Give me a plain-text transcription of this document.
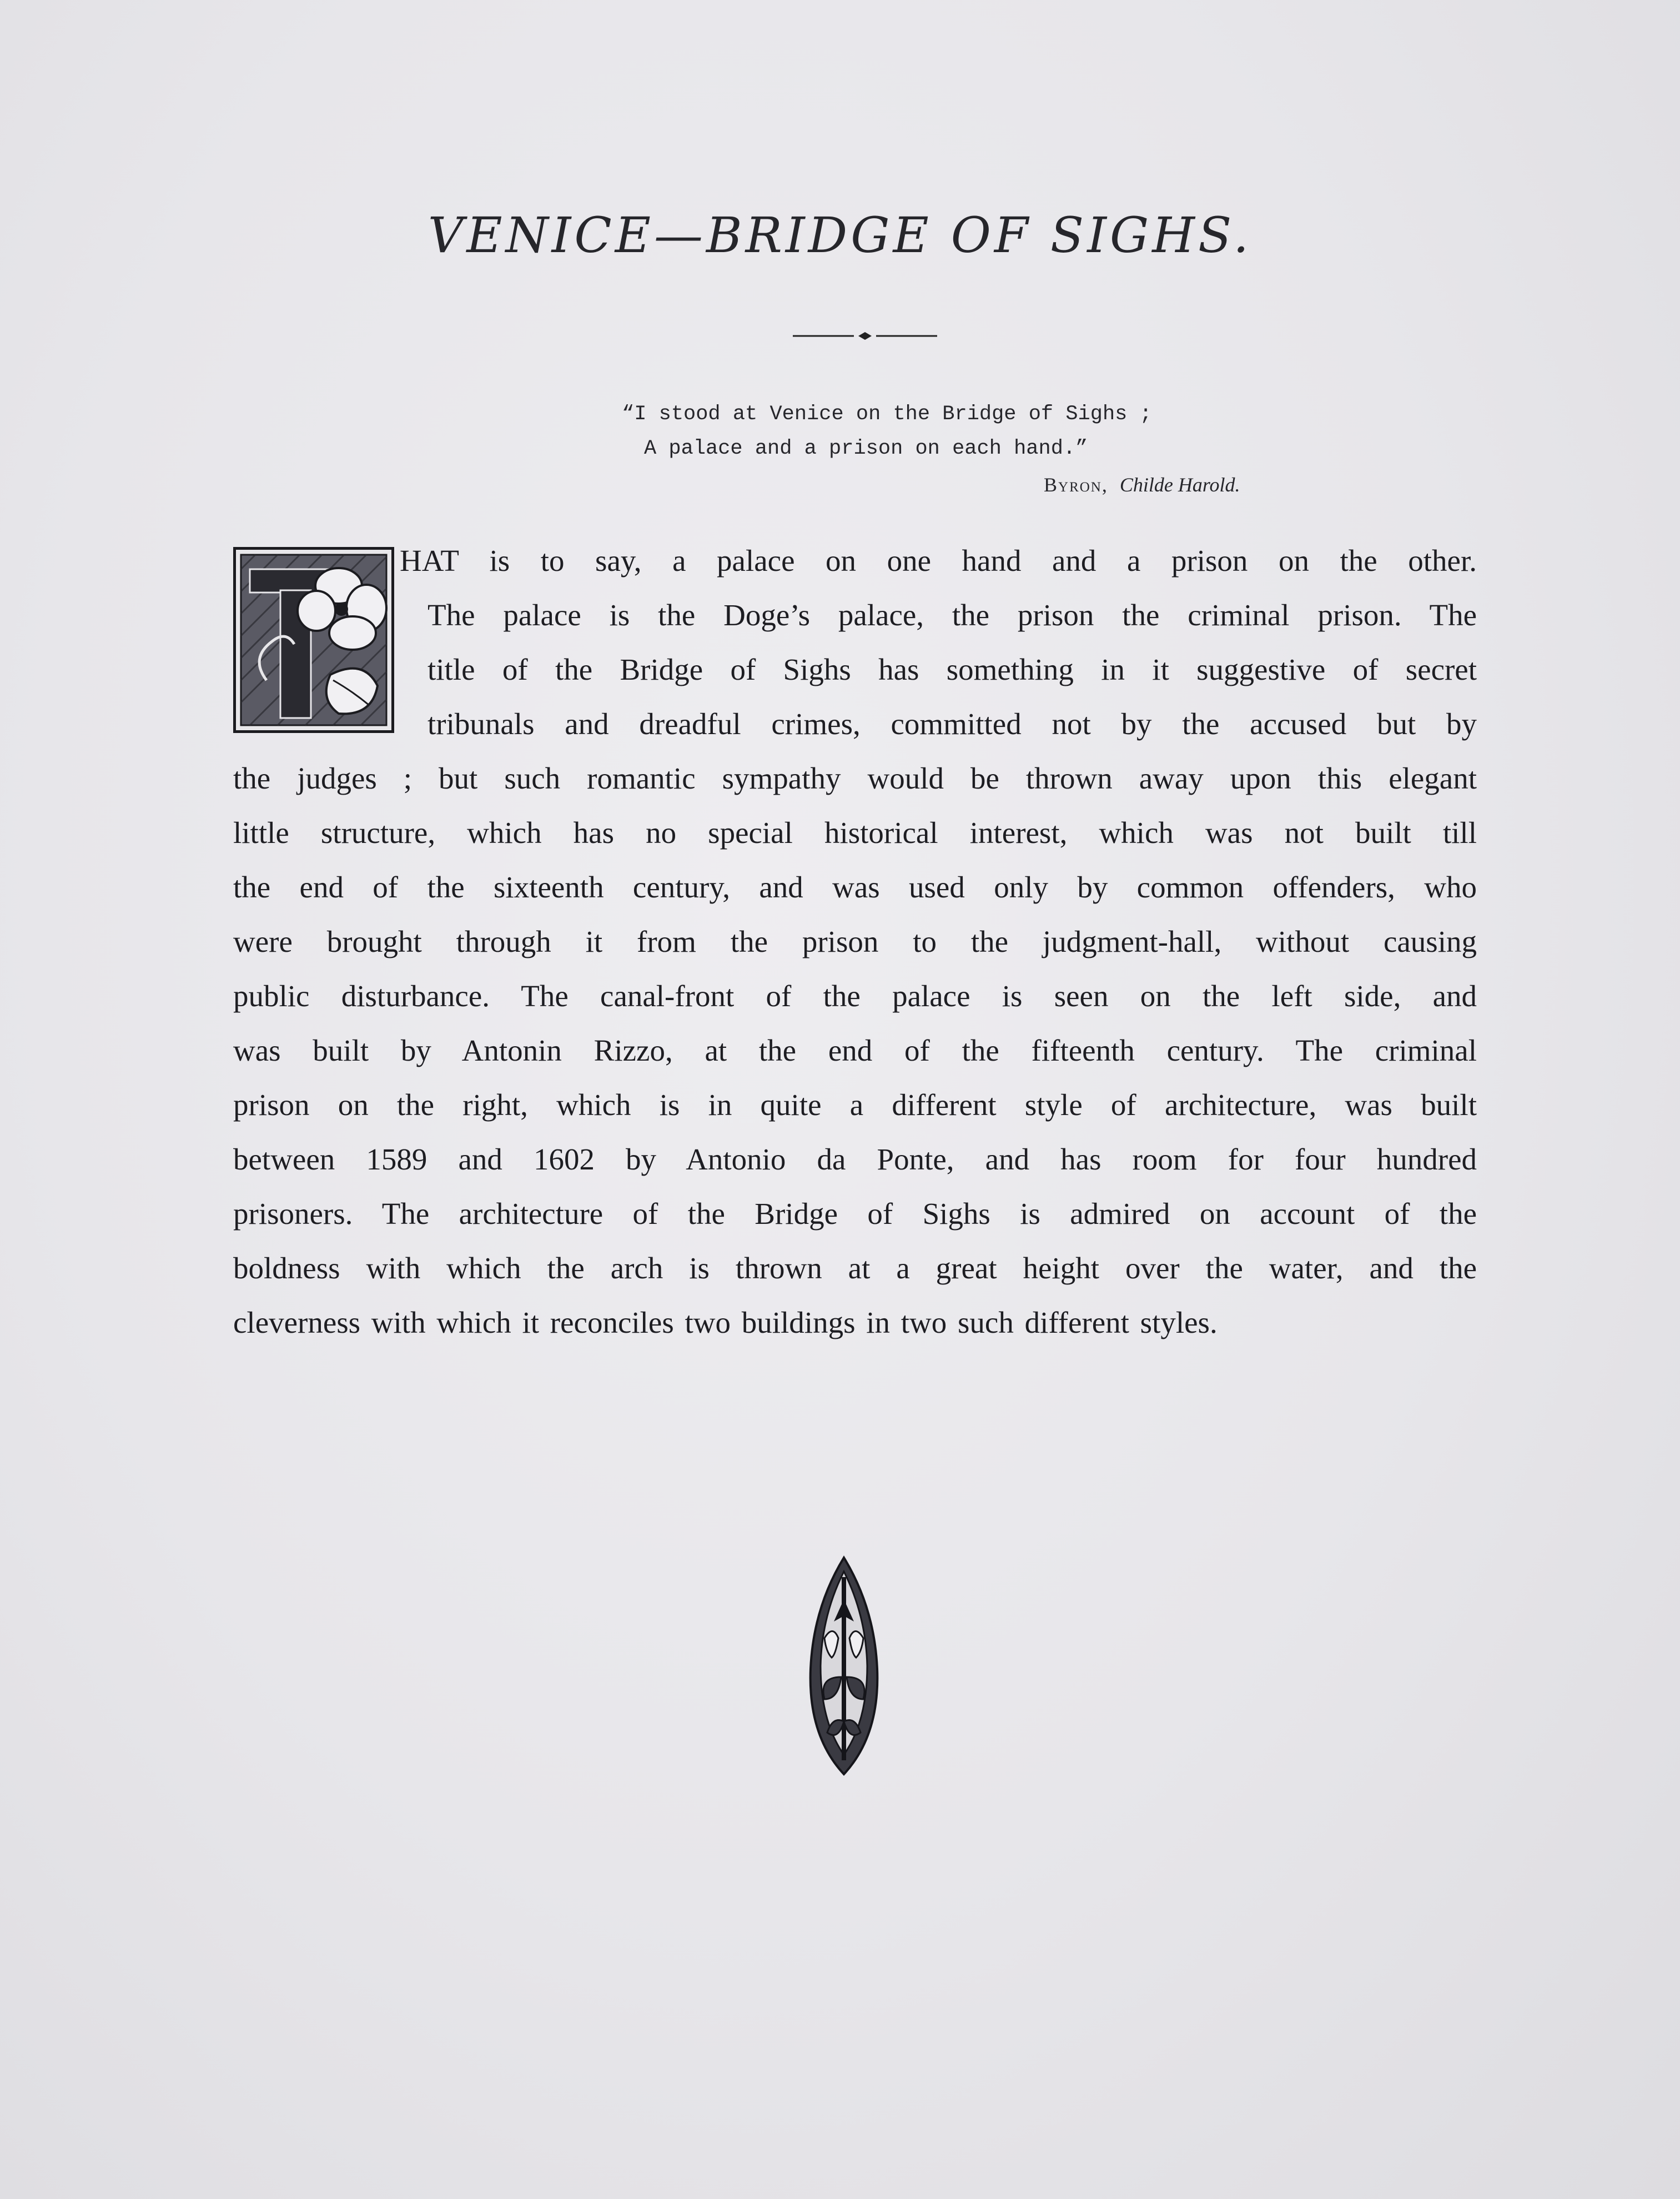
VENICE—BRIDGE OF SIGHS.
“I stood at Venice on the Bridge of Sighs ;
A palace and a prison on each hand.”
Byron, Childe Harold.
HAT is to say, a palace on one hand and a prison on the other.
The palace is the Doge’s palace, the prison the criminal prison. The
title of the Bridge of Sighs has something in it suggestive of secret
tribunals and dreadful crimes, committed not by the accused but by
the judges ; but such romantic sympathy would be thrown away upon this elegant
little structure, which has no special historical interest, which was not built till
the end of the sixteenth century, and was used only by common offenders, who
were brought through it from the prison to the judgment-hall, without causing
public disturbance. The canal-front of the palace is seen on the left side, and
was built by Antonin Rizzo, at the end of the fifteenth century. The criminal
prison on the right, which is in quite a different style of architecture, was built
between 1589 and 1602 by Antonio da Ponte, and has room for four hundred
prisoners. The architecture of the Bridge of Sighs is admired on account of the
boldness with which the arch is thrown at a great height over the water, and the
cleverness with which it reconciles two buildings in two such different styles.
